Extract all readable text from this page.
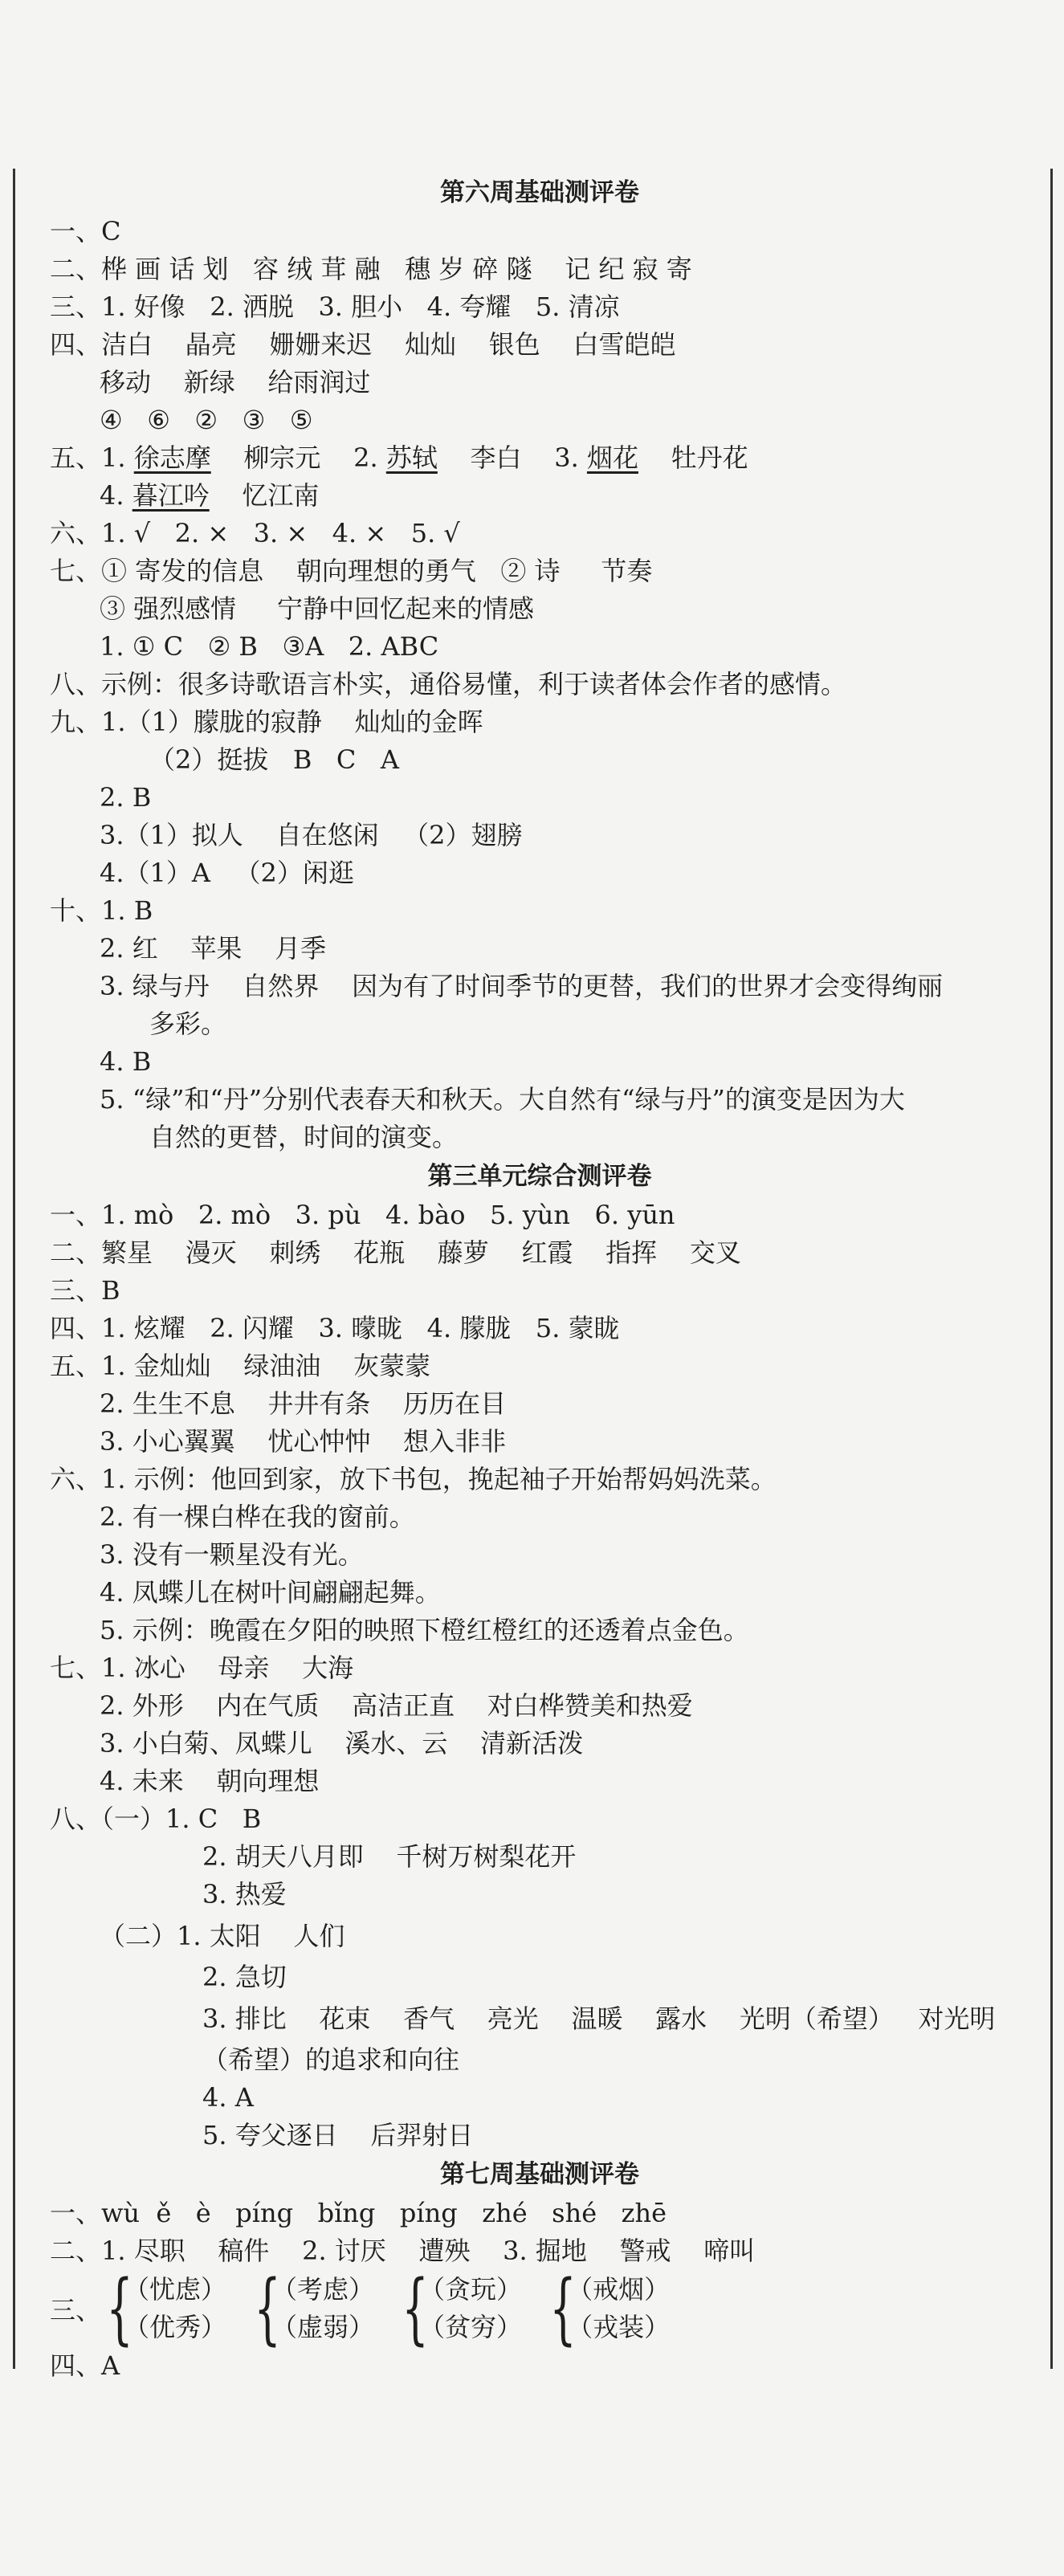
第六周基础测评卷
一、C
二、桦 画 话 划   容 绒 茸 融   穗 岁 碎 隧    记 纪 寂 寄
三、1. 好像   2. 洒脱   3. 胆小   4. 夸耀   5. 清凉
四、洁白    晶亮    姗姗来迟    灿灿    银色    白雪皑皑
移动    新绿    给雨润过
④   ⑥   ②   ③   ⑤
五、1. 徐志摩    柳宗元    2. 苏轼    李白    3. 烟花    牡丹花
4. 暮江吟    忆江南
六、1. √   2. ×   3. ×   4. ×   5. √
七、① 寄发的信息    朝向理想的勇气   ② 诗     节奏
③ 强烈感情     宁静中回忆起来的情感
1. ① C   ② B   ③A   2. ABC
八、示例：很多诗歌语言朴实，通俗易懂，利于读者体会作者的感情。
九、1.（1）朦胧的寂静    灿灿的金晖
（2）挺拔   B   C   A
2. B
3.（1）拟人    自在悠闲   （2）翅膀
4.（1）A   （2）闲逛
十、1. B
2. 红    苹果    月季
3. 绿与丹    自然界    因为有了时间季节的更替，我们的世界才会变得绚丽
多彩。
4. B
5. “绿”和“丹”分别代表春天和秋天。大自然有“绿与丹”的演变是因为大
自然的更替，时间的演变。
第三单元综合测评卷
一、1. mò   2. mò   3. pù   4. bào   5. yùn   6. yūn
二、繁星    漫灭    刺绣    花瓶    藤萝    红霞    指挥    交叉
三、B
四、1. 炫耀   2. 闪耀   3. 曚昽   4. 朦胧   5. 蒙眬
五、1. 金灿灿    绿油油    灰蒙蒙
2. 生生不息    井井有条    历历在目
3. 小心翼翼    忧心忡忡    想入非非
六、1. 示例：他回到家，放下书包，挽起袖子开始帮妈妈洗菜。
2. 有一棵白桦在我的窗前。
3. 没有一颗星没有光。
4. 凤蝶儿在树叶间翩翩起舞。
5. 示例：晚霞在夕阳的映照下橙红橙红的还透着点金色。
七、1. 冰心    母亲    大海
2. 外形    内在气质    高洁正直    对白桦赞美和热爱
3. 小白菊、凤蝶儿    溪水、云    清新活泼
4. 未来    朝向理想
八、（一）1. C   B
2. 胡天八月即    千树万树梨花开
3. 热爱
（二）1. 太阳    人们
2. 急切
3. 排比    花束    香气    亮光    温暖    露水    光明（希望）   对光明
（希望）的追求和向往
4. A
5. 夸父逐日    后羿射日
第七周基础测评卷
一、wù  ě   è   píng   bǐng   píng   zhé   shé   zhē
二、1. 尽职    稿件    2. 讨厌    遭殃    3. 掘地    警戒    啼叫
三、 {
（忧虑）
（优秀） {
（考虑）
（虚弱） {
（贪玩）
（贫穷） {
（戒烟）
（戎装）
四、A
